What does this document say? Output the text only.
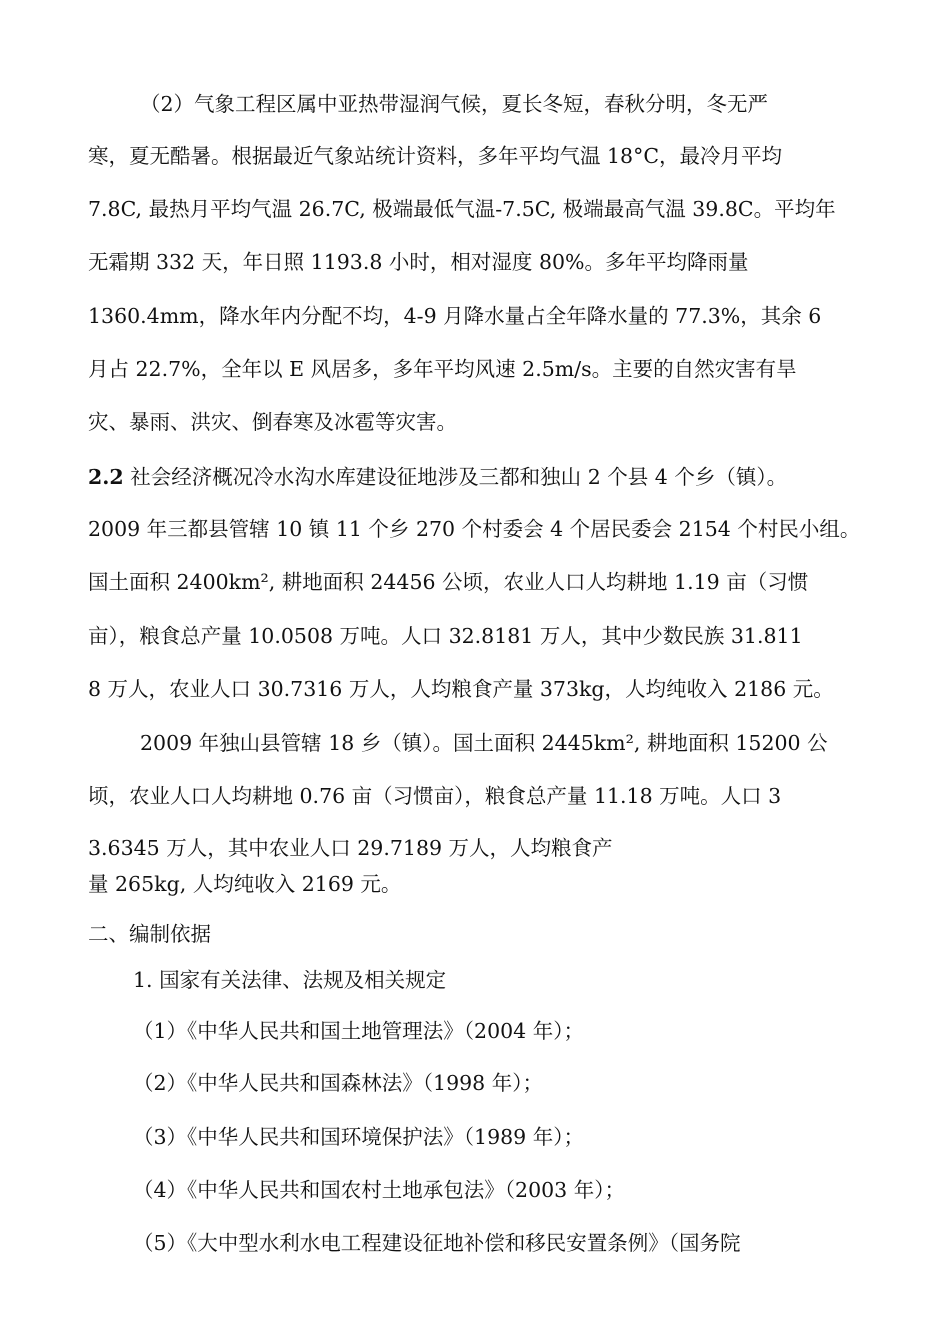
（2）气象工程区属中亚热带湿润气候，夏长冬短，春秋分明，冬无严
寒，夏无酷暑。根据最近气象站统计资料，多年平均气温 18°C，最冷月平均
7.8C, 最热月平均气温 26.7C, 极端最低气温-7.5C, 极端最高气温 39.8C。平均年
无霜期 332 天，年日照 1193.8 小时，相对湿度 80%。多年平均降雨量
1360.4mm，降水年内分配不均，4-9 月降水量占全年降水量的 77.3%，其余 6
月占 22.7%，全年以 E 风居多，多年平均风速 2.5m/s。主要的自然灾害有旱
灾、暴雨、洪灾、倒春寒及冰雹等灾害。
2.2 社会经济概况冷水沟水库建设征地涉及三都和独山 2 个县 4 个乡（镇）。
2009 年三都县管辖 10 镇 11 个乡 270 个村委会 4 个居民委会 2154 个村民小组。
国土面积 2400km², 耕地面积 24456 公顷，农业人口人均耕地 1.19 亩（习惯
亩），粮食总产量 10.0508 万吨。人口 32.8181 万人，其中少数民族 31.811
8 万人，农业人口 30.7316 万人，人均粮食产量 373kg，人均纯收入 2186 元。
2009 年独山县管辖 18 乡（镇）。国土面积 2445km², 耕地面积 15200 公
顷，农业人口人均耕地 0.76 亩（习惯亩），粮食总产量 11.18 万吨。人口 3
3.6345 万人，其中农业人口 29.7189 万人，人均粮食产
量 265kg, 人均纯收入 2169 元。
二、编制依据
1. 国家有关法律、法规及相关规定
（1）《中华人民共和国土地管理法》（2004 年）；
（2）《中华人民共和国森林法》（1998 年）；
（3）《中华人民共和国环境保护法》（1989 年）；
（4）《中华人民共和国农村土地承包法》（2003 年）；
（5）《大中型水利水电工程建设征地补偿和移民安置条例》（国务院
